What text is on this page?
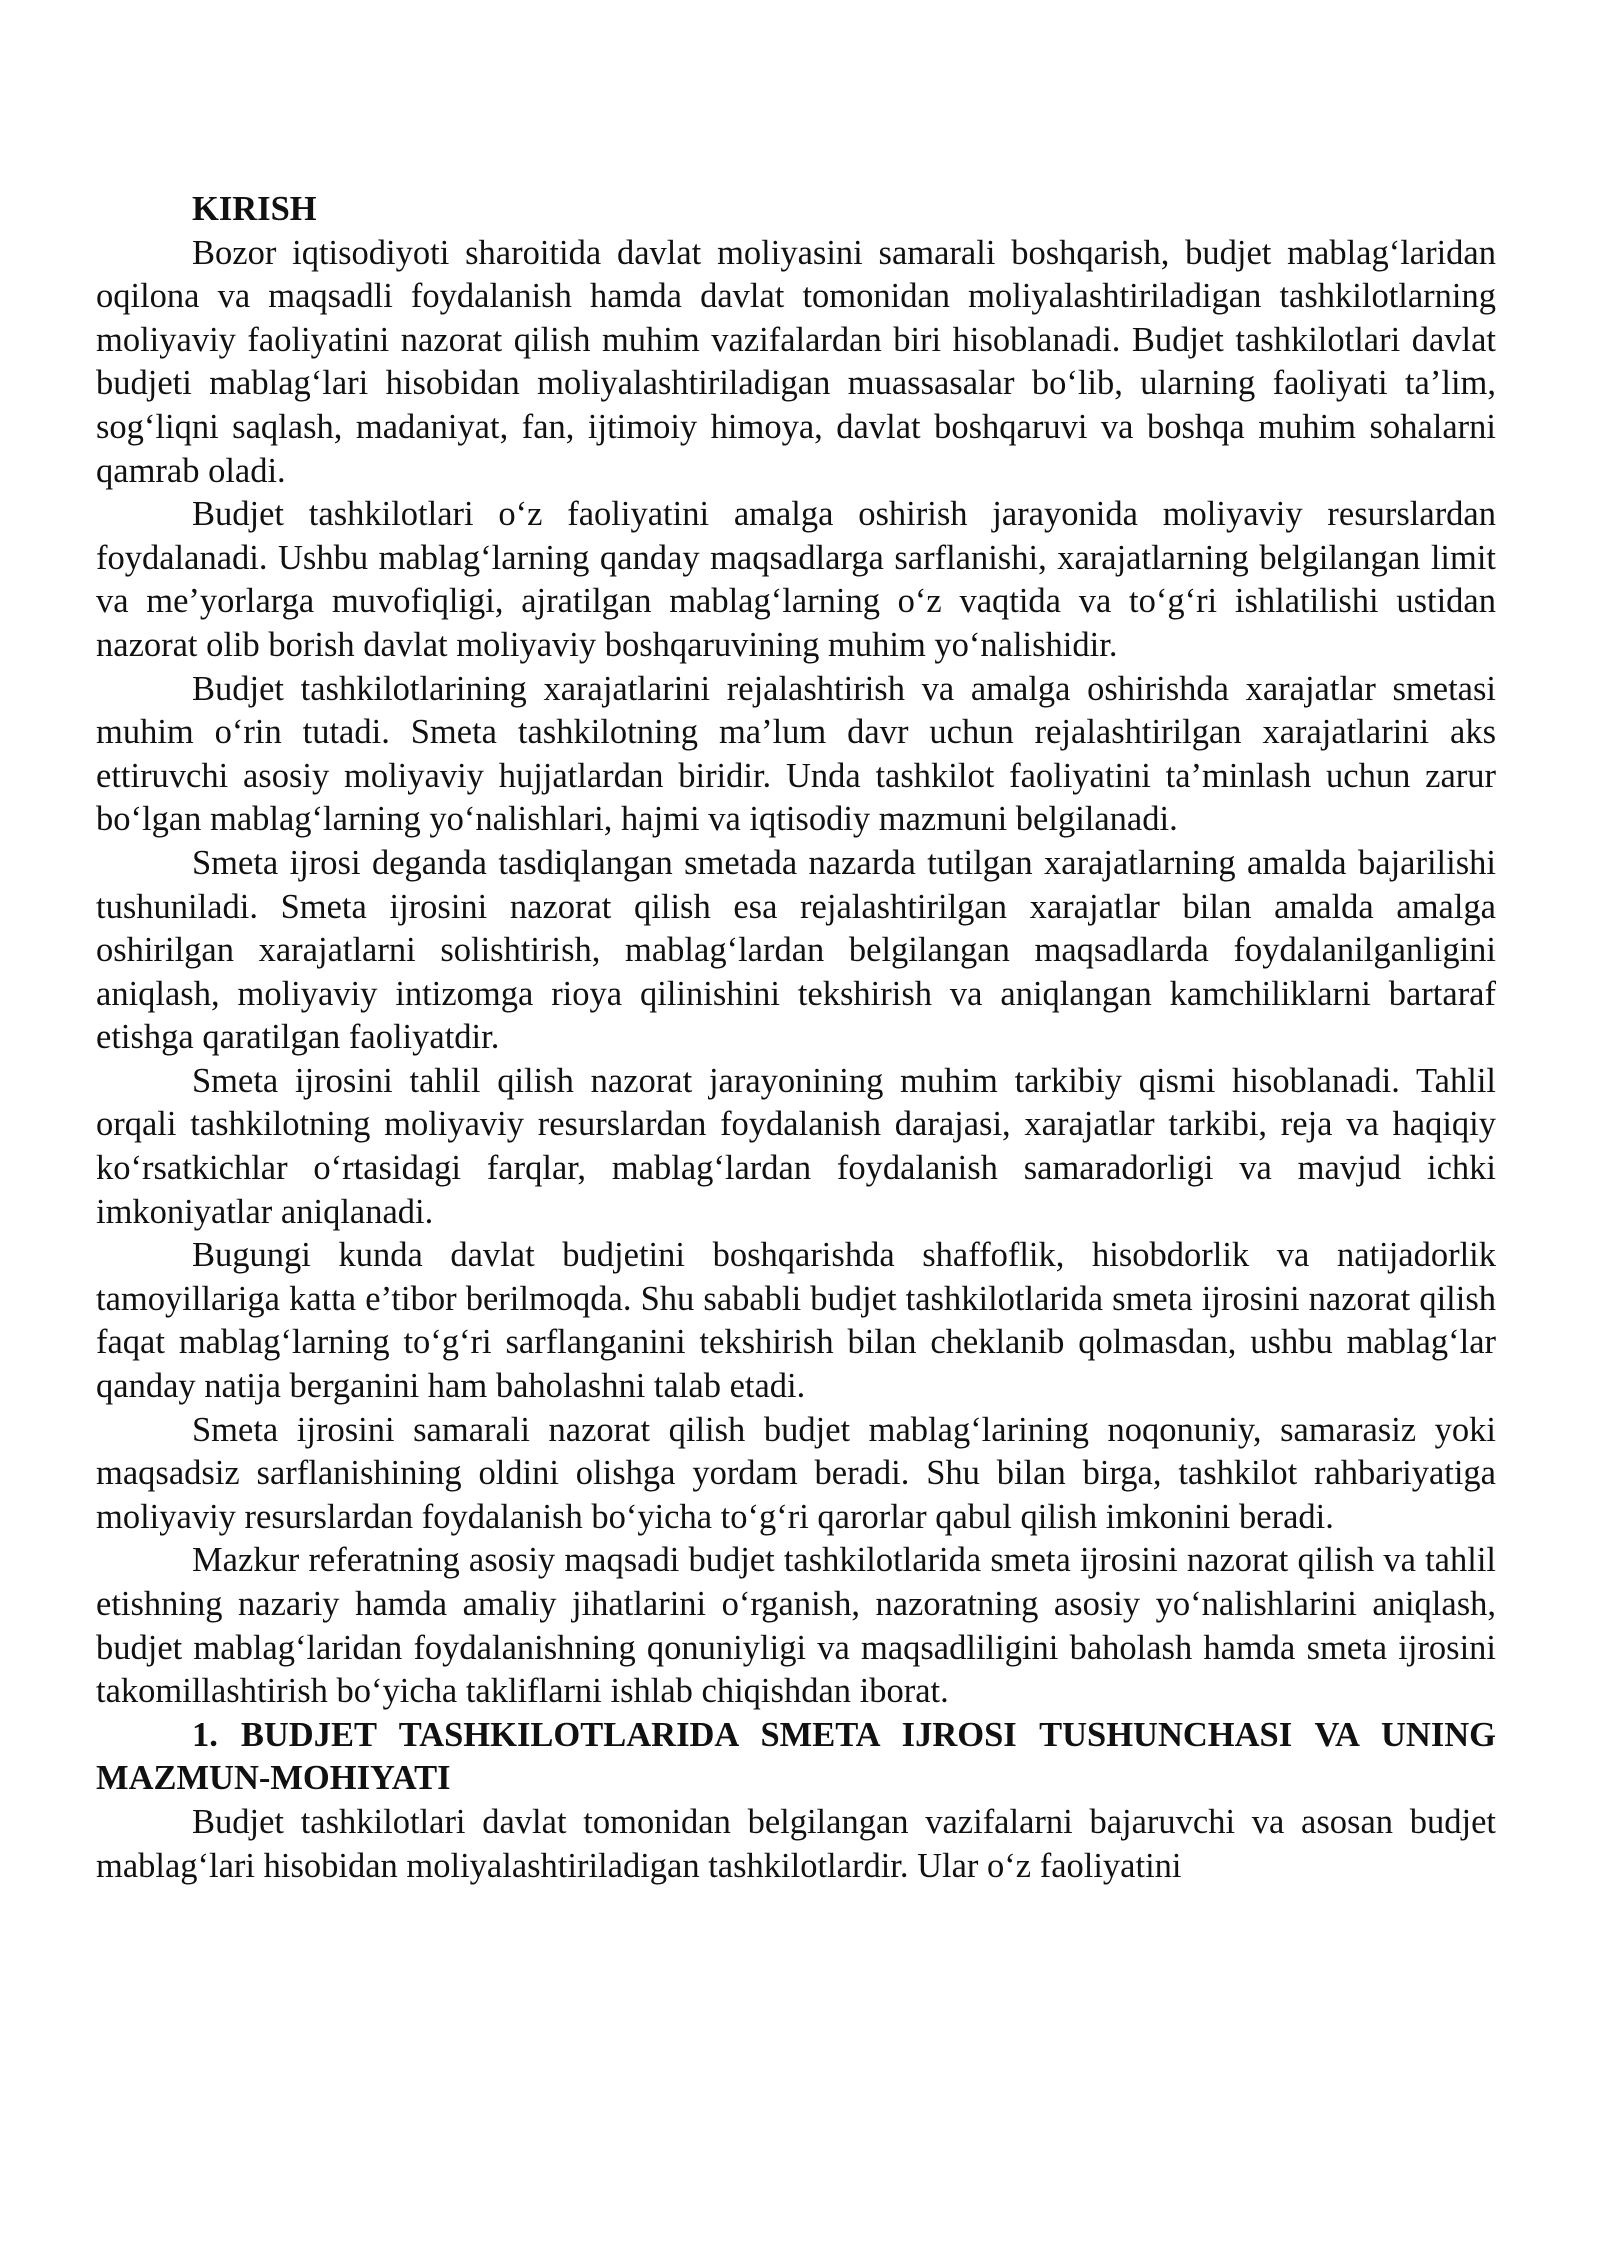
KIRISH

Bozor iqtisodiyoti sharoitida davlat moliyasini samarali boshqarish, budjet mablag‘laridan oqilona va maqsadli foydalanish hamda davlat tomonidan moliyalashtiriladigan tashkilotlarning moliyaviy faoliyatini nazorat qilish muhim vazifalardan biri hisoblanadi. Budjet tashkilotlari davlat budjeti mablag‘lari hisobidan moliyalashtiriladigan muassasalar bo‘lib, ularning faoliyati ta’lim, sog‘liqni saqlash, madaniyat, fan, ijtimoiy himoya, davlat boshqaruvi va boshqa muhim sohalarni qamrab oladi.

Budjet tashkilotlari o‘z faoliyatini amalga oshirish jarayonida moliyaviy resurslardan foydalanadi. Ushbu mablag‘larning qanday maqsadlarga sarflanishi, xarajatlarning belgilangan limit va me’yorlarga muvofiqligi, ajratilgan mablag‘larning o‘z vaqtida va to‘g‘ri ishlatilishi ustidan nazorat olib borish davlat moliyaviy boshqaruvining muhim yo‘nalishidir.

Budjet tashkilotlarining xarajatlarini rejalashtirish va amalga oshirishda xarajatlar smetasi muhim o‘rin tutadi. Smeta tashkilotning ma’lum davr uchun rejalashtirilgan xarajatlarini aks ettiruvchi asosiy moliyaviy hujjatlardan biridir. Unda tashkilot faoliyatini ta’minlash uchun zarur bo‘lgan mablag‘larning yo‘nalishlari, hajmi va iqtisodiy mazmuni belgilanadi.

Smeta ijrosi deganda tasdiqlangan smetada nazarda tutilgan xarajatlarning amalda bajarilishi tushuniladi. Smeta ijrosini nazorat qilish esa rejalashtirilgan xarajatlar bilan amalda amalga oshirilgan xarajatlarni solishtirish, mablag‘lardan belgilangan maqsadlarda foydalanilganligini aniqlash, moliyaviy intizomga rioya qilinishini tekshirish va aniqlangan kamchiliklarni bartaraf etishga qaratilgan faoliyatdir.

Smeta ijrosini tahlil qilish nazorat jarayonining muhim tarkibiy qismi hisoblanadi. Tahlil orqali tashkilotning moliyaviy resurslardan foydalanish darajasi, xarajatlar tarkibi, reja va haqiqiy ko‘rsatkichlar o‘rtasidagi farqlar, mablag‘lardan foydalanish samaradorligi va mavjud ichki imkoniyatlar aniqlanadi.

Bugungi kunda davlat budjetini boshqarishda shaffoflik, hisobdorlik va natijadorlik tamoyillariga katta e’tibor berilmoqda. Shu sababli budjet tashkilotlarida smeta ijrosini nazorat qilish faqat mablag‘larning to‘g‘ri sarflanganini tekshirish bilan cheklanib qolmasdan, ushbu mablag‘lar qanday natija berganini ham baholashni talab etadi.

Smeta ijrosini samarali nazorat qilish budjet mablag‘larining noqonuniy, samarasiz yoki maqsadsiz sarflanishining oldini olishga yordam beradi. Shu bilan birga, tashkilot rahbariyatiga moliyaviy resurslardan foydalanish bo‘yicha to‘g‘ri qarorlar qabul qilish imkonini beradi.

Mazkur referatning asosiy maqsadi budjet tashkilotlarida smeta ijrosini nazorat qilish va tahlil etishning nazariy hamda amaliy jihatlarini o‘rganish, nazoratning asosiy yo‘nalishlarini aniqlash, budjet mablag‘laridan foydalanishning qonuniyligi va maqsadliligini baholash hamda smeta ijrosini takomillashtirish bo‘yicha takliflarni ishlab chiqishdan iborat.

1. BUDJET TASHKILOTLARIDA SMETA IJROSI TUSHUNCHASI VA UNING MAZMUN-MOHIYATI

Budjet tashkilotlari davlat tomonidan belgilangan vazifalarni bajaruvchi va asosan budjet mablag‘lari hisobidan moliyalashtiriladigan tashkilotlardir. Ular o‘z faoliyatini
